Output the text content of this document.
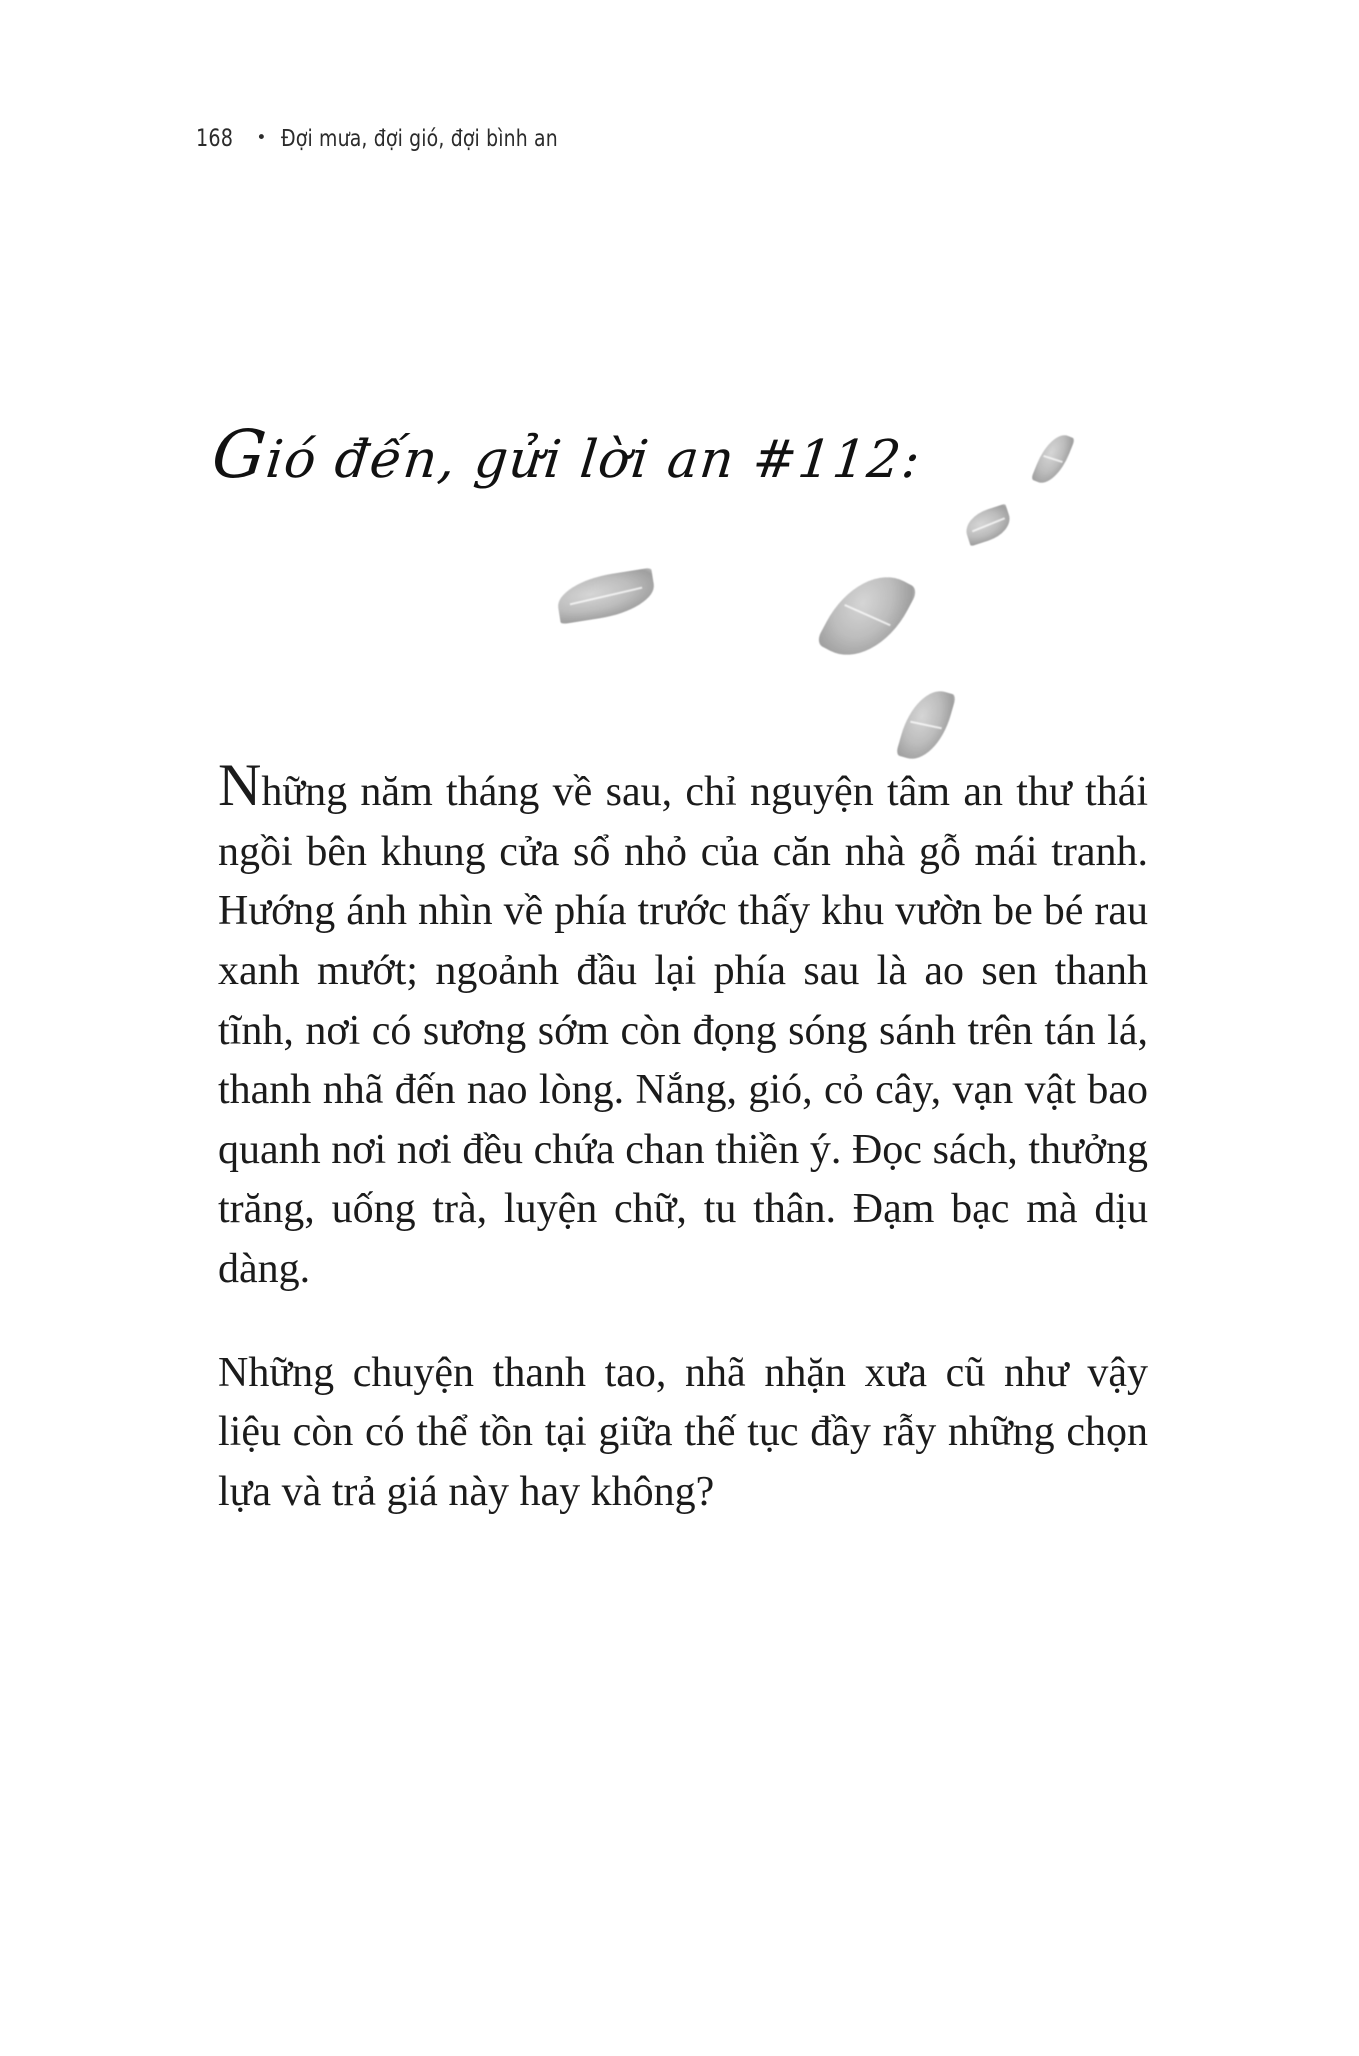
168 • Đợi mưa, đợi gió, đợi bình an
Gió đến, gửi lời an #112:

Những năm tháng về sau, chỉ nguyện tâm an thư thái ngồi bên khung cửa sổ nhỏ của căn nhà gỗ mái tranh. Hướng ánh nhìn về phía trước thấy khu vườn be bé rau xanh mướt; ngoảnh đầu lại phía sau là ao sen thanh tĩnh, nơi có sương sớm còn đọng sóng sánh trên tán lá, thanh nhã đến nao lòng. Nắng, gió, cỏ cây, vạn vật bao quanh nơi nơi đều chứa chan thiền ý. Đọc sách, thưởng trăng, uống trà, luyện chữ, tu thân. Đạm bạc mà dịu dàng.

Những chuyện thanh tao, nhã nhặn xưa cũ như vậy liệu còn có thể tồn tại giữa thế tục đầy rẫy những chọn lựa và trả giá này hay không?
